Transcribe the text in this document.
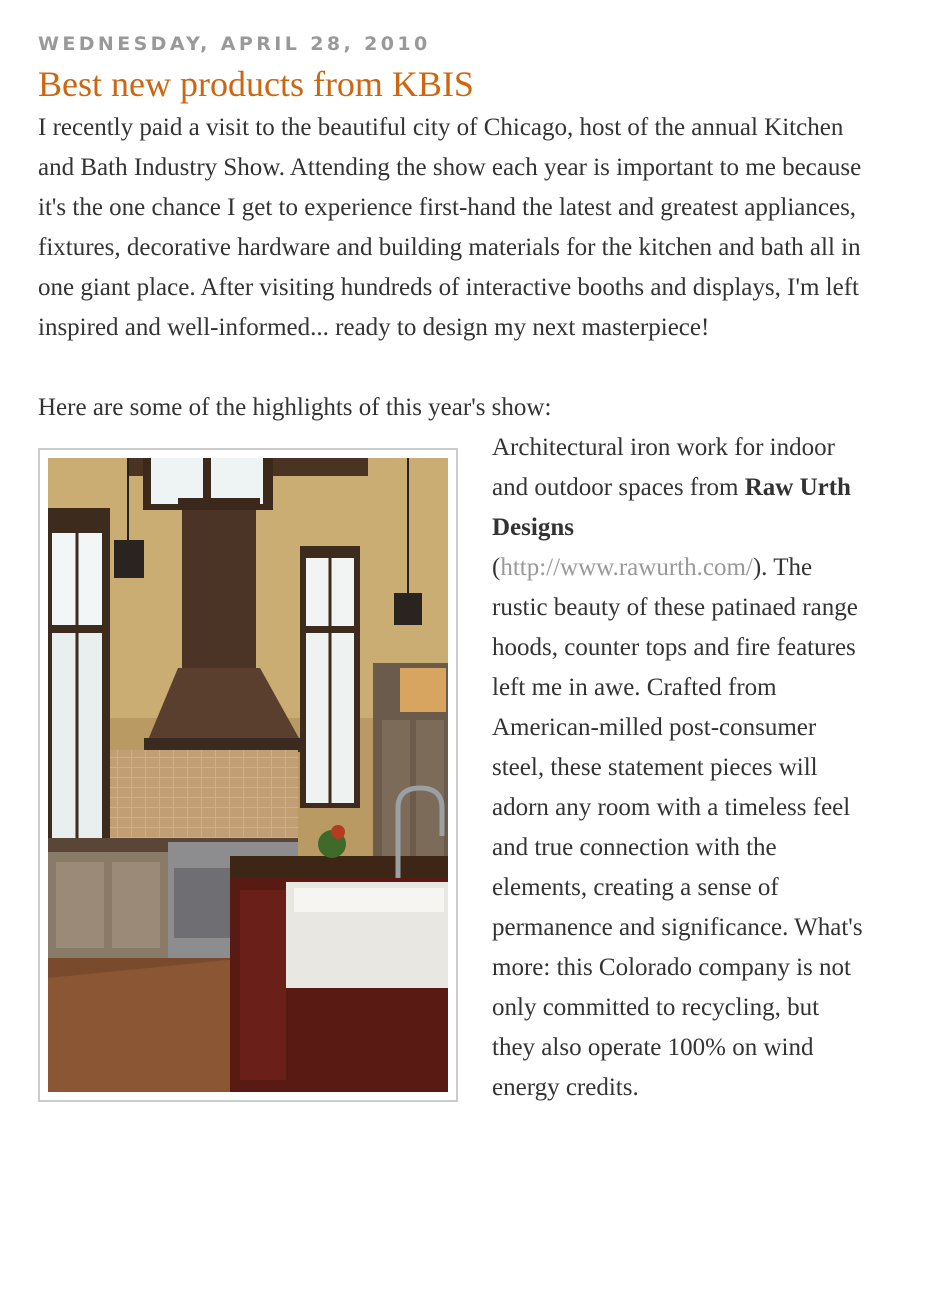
WEDNESDAY, APRIL 28, 2010
Best new products from KBIS

I recently paid a visit to the beautiful city of Chicago, host of the annual Kitchen and Bath Industry Show. Attending the show each year is important to me because it's the one chance I get to experience first-hand the latest and greatest appliances, fixtures, decorative hardware and building materials for the kitchen and bath all in one giant place. After visiting hundreds of interactive booths and displays, I'm left inspired and well-informed... ready to design my next masterpiece!

Here are some of the highlights of this year's show:

Architectural iron work for indoor and outdoor spaces from Raw Urth Designs
(http://www.rawurth.com/). The rustic beauty of these patinaed range hoods, counter tops and fire features left me in awe. Crafted from American-milled post-consumer steel, these statement pieces will adorn any room with a timeless feel and true connection with the elements, creating a sense of permanence and significance. What's more: this Colorado company is not only committed to recycling, but they also operate 100% on wind energy credits.
